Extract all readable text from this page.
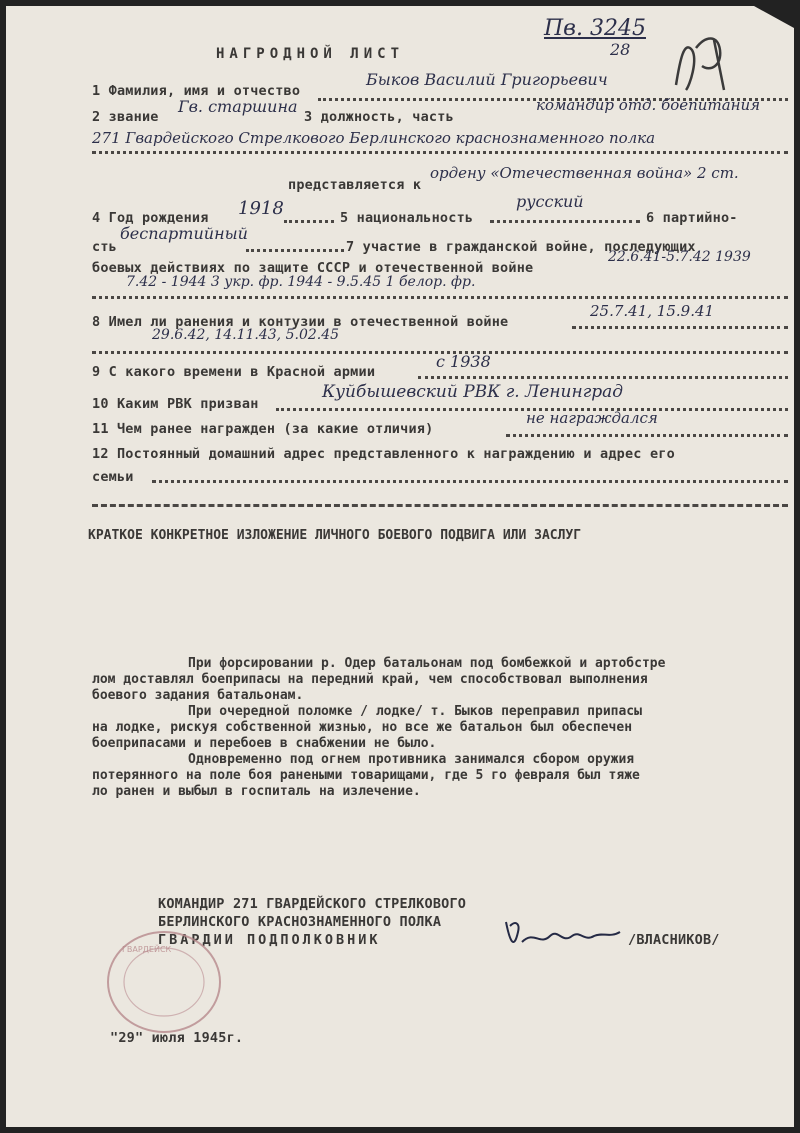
Пв. 3245
28
НАГРОДНОЙ ЛИСТ
1 Фамилия, имя и отчество
Быков Василий Григорьевич
2 звание
Гв. старшина
3 должность, часть
командир отд. боепитания
271 Гвардейского Стрелкового Берлинского краснознаменного полка
представляется к
ордену «Отечественная война» 2 ст.
4 Год рождения 1918	5 национальность
русский
6 партийно-
сть
беспартийный
7 участие в гражданской войне, последующих
боевых действиях по защите СССР и отечественной войне
22.6.41-5.7.42 1939
7.42 - 1944 3 укр. фр. 1944 - 9.5.45 1 белор. фр.
8 Имел ли ранения и контузии в отечественной войне
25.7.41, 15.9.41
29.6.42, 14.11.43, 5.02.45
9 С какого времени в Красной армии
с 1938
10 Каким РВК призван
Куйбышевский РВК г. Ленинград
11 Чем ранее награжден (за какие отличия)
не награждался
12 Постоянный домашний адрес представленного к награждению и адрес его
семьи
КРАТКОЕ КОНКРЕТНОЕ ИЗЛОЖЕНИЕ ЛИЧНОГО БОЕВОГО ПОДВИГА ИЛИ ЗАСЛУГ
При форсировании р. Одер батальонам под бомбежкой и артобстре
лом доставлял боеприпасы на передний край, чем способствовал выполнения
боевого задания батальонам.
При очередной поломке / лодке/ т. Быков переправил припасы
на лодке, рискуя собственной жизнью, но все же батальон был обеспечен
боеприпасами и перебоев в снабжении не было.
Одновременно под огнем противника занимался сбором оружия
потерянного на поле боя ранеными товарищами, где 5 го февраля был тяже
ло ранен и выбыл в госпиталь на излечение.
КОМАНДИР 271 ГВАРДЕЙСКОГО СТРЕЛКОВОГО
БЕРЛИНСКОГО КРАСНОЗНАМЕННОГО ПОЛКА
ГВАРДИИ ПОДПОЛКОВНИК	/ВЛАСНИКОВ/
ГВАРДЕЙСК
"29" июля 1945г.
